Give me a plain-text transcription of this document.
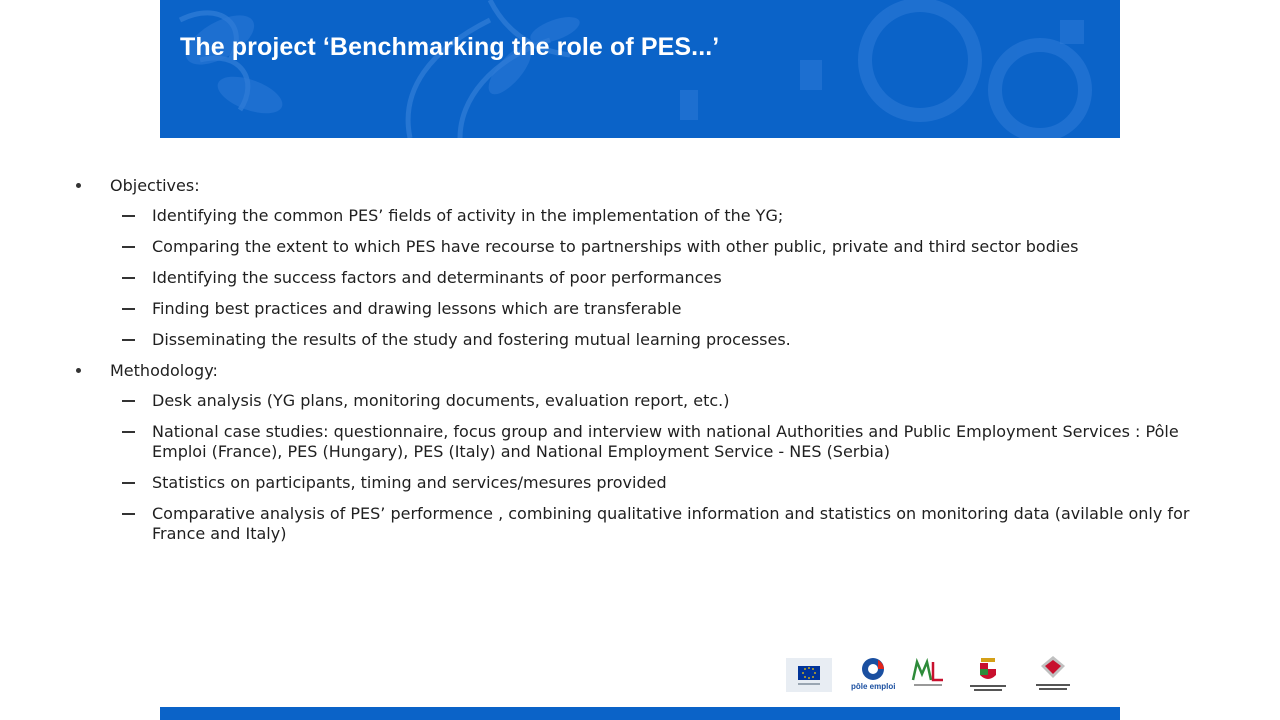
The project ‘Benchmarking the role of PES...’
Objectives:
Identifying the common PES’ fields of activity in the implementation of the YG;
Comparing the extent to which PES have recourse to partnerships with other public, private and third sector bodies
Identifying the success factors and determinants of poor performances
Finding best practices and drawing lessons which are transferable
Disseminating the results of the study and fostering mutual learning processes.
Methodology:
Desk analysis (YG plans, monitoring documents, evaluation report, etc.)
National case studies: questionnaire, focus group and interview with national Authorities and Public Employment Services : Pôle Emploi (France), PES (Hungary), PES (Italy) and National Employment Service - NES (Serbia)
Statistics on participants, timing and services/mesures provided
Comparative analysis of PES’ performence , combining qualitative information and statistics on monitoring data (avilable only for France and Italy)
pôle emploi
